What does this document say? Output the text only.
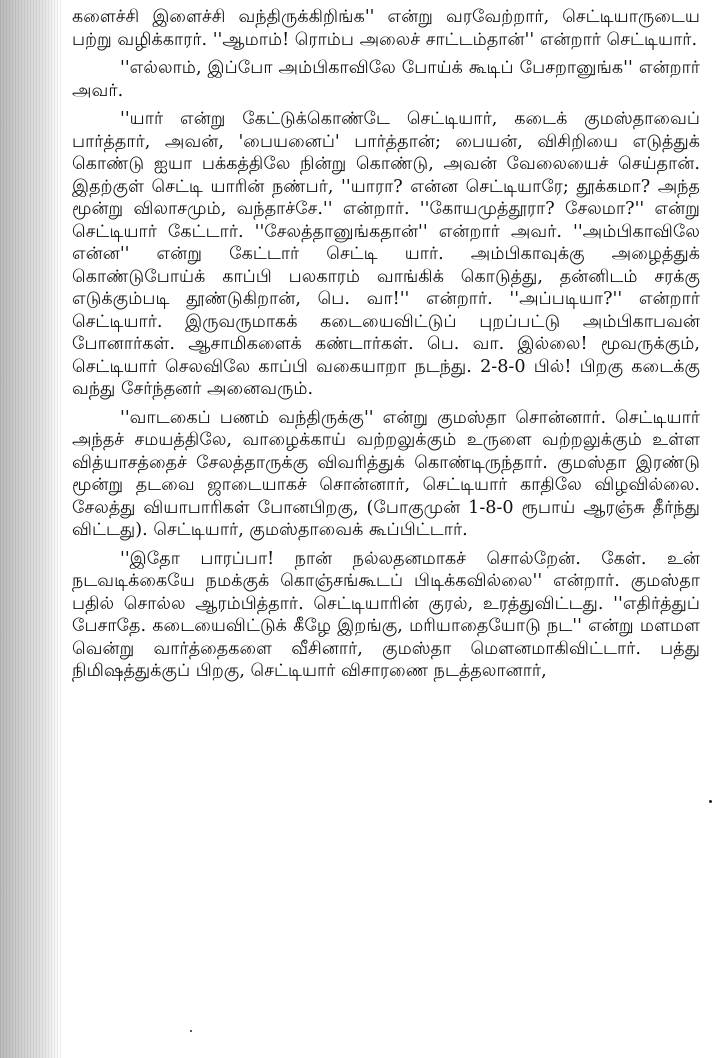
களைச்சி இளைச்சி வந்திருக்கிறிங்க'' என்று வரவேற்றார், செட்டியாருடைய பற்று வழிக்காரர். ''ஆமாம்! ரொம்ப அலைச் சாட்டம்தான்'' என்றார் செட்டியார்.

''எல்லாம், இப்போ அம்பிகாவிலே போய்க் கூடிப் பேசறானுங்க'' என்றார் அவர்.

''யார் என்று கேட்டுக்கொண்டே செட்டியார், கடைக் குமஸ்தாவைப் பார்த்தார், அவன், 'பையனைப்' பார்த்தான்; பையன், விசிறியை எடுத்துக் கொண்டு ஐயா பக்கத்திலே நின்று கொண்டு, அவன் வேலையைச் செய்தான். இதற்குள் செட்டி யாரின் நண்பர், ''யாரா? என்ன செட்டியாரே; தூக்கமா? அந்த மூன்று விலாசமும், வந்தாச்சே.'' என்றார். ''கோயமுத்தூரா? சேலமா?'' என்று செட்டியார் கேட்டார். ''சேலத்தானுங்கதான்'' என்றார் அவர். ''அம்பிகாவிலே என்ன'' என்று கேட்டார் செட்டி யார். அம்பிகாவுக்கு அழைத்துக் கொண்டுபோய்க் காப்பி பலகாரம் வாங்கிக் கொடுத்து, தன்னிடம் சரக்கு எடுக்கும்படி தூண்டுகிறான், பெ. வா!'' என்றார். ''அப்படியா?'' என்றார் செட்டியார். இருவருமாகக் கடையைவிட்டுப் புறப்பட்டு அம்பிகாபவன் போனார்கள். ஆசாமிகளைக் கண்டார்கள். பெ. வா. இல்லை! மூவருக்கும், செட்டியார் செலவிலே காப்பி வகையாறா நடந்து. 2-8-0 பில்! பிறகு கடைக்கு வந்து சேர்ந்தனர் அனைவரும்.

''வாடகைப் பணம் வந்திருக்கு'' என்று குமஸ்தா சொன்னார். செட்டியார் அந்தச் சமயத்திலே, வாழைக்காய் வற்றலுக்கும் உருளை வற்றலுக்கும் உள்ள வித்யாசத்தைச் சேலத்தாருக்கு விவரித்துக் கொண்டிருந்தார். குமஸ்தா இரண்டு மூன்று தடவை ஜாடையாகச் சொன்னார், செட்டியார் காதிலே விழவில்லை. சேலத்து வியாபாரிகள் போனபிறகு, (போகுமுன் 1-8-0 ரூபாய் ஆரஞ்சு தீர்ந்து விட்டது). செட்டியார், குமஸ்தாவைக் கூப்பிட்டார்.

''இதோ பாரப்பா! நான் நல்லதனமாகச் சொல்றேன். கேள். உன் நடவடிக்கையே நமக்குக் கொஞ்சங்கூடப் பிடிக்கவில்லை'' என்றார். குமஸ்தா பதில் சொல்ல ஆரம்பித்தார். செட்டியாரின் குரல், உரத்துவிட்டது. ''எதிர்த்துப் பேசாதே. கடையைவிட்டுக் கீழே இறங்கு, மரியாதையோடு நட'' என்று மளமள வென்று வார்த்தைகளை வீசினார், குமஸ்தா மௌனமாகிவிட்டார். பத்து நிமிஷத்துக்குப் பிறகு, செட்டியார் விசாரணை நடத்தலானார்,
